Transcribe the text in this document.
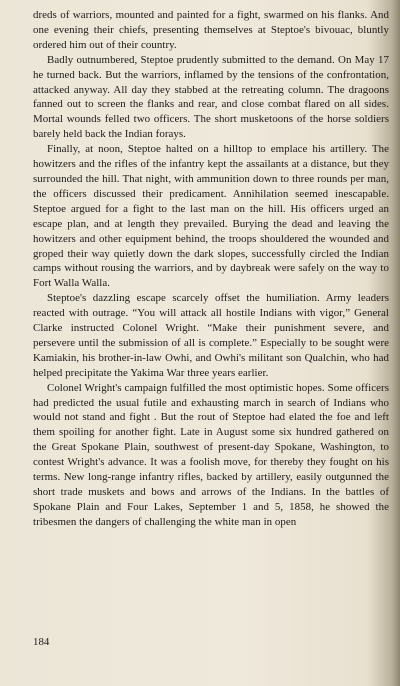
dreds of warriors, mounted and painted for a fight, swarmed on his flanks. And one evening their chiefs, presenting themselves at Steptoe's bivouac, bluntly ordered him out of their country.

Badly outnumbered, Steptoe prudently submitted to the demand. On May 17 he turned back. But the warriors, inflamed by the tensions of the confrontation, attacked anyway. All day they stabbed at the retreating column. The dragoons fanned out to screen the flanks and rear, and close combat flared on all sides. Mortal wounds felled two officers. The short musketoons of the horse soldiers barely held back the Indian forays.

Finally, at noon, Steptoe halted on a hilltop to emplace his artillery. The howitzers and the rifles of the infantry kept the assailants at a distance, but they surrounded the hill. That night, with ammunition down to three rounds per man, the officers discussed their predicament. Annihilation seemed inescapable. Steptoe argued for a fight to the last man on the hill. His officers urged an escape plan, and at length they prevailed. Burying the dead and leaving the howitzers and other equipment behind, the troops shouldered the wounded and groped their way quietly down the dark slopes, successfully circled the Indian camps without rousing the warriors, and by daybreak were safely on the way to Fort Walla Walla.

Steptoe's dazzling escape scarcely offset the humiliation. Army leaders reacted with outrage. “You will attack all hostile Indians with vigor,” General Clarke instructed Colonel Wright. “Make their punishment severe, and persevere until the submission of all is complete.” Especially to be sought were Kamiakin, his brother-in-law Owhi, and Owhi's militant son Qualchin, who had helped precipitate the Yakima War three years earlier.

Colonel Wright's campaign fulfilled the most optimistic hopes. Some officers had predicted the usual futile and exhausting march in search of Indians who would not stand and fight . But the rout of Steptoe had elated the foe and left them spoiling for another fight. Late in August some six hundred gathered on the Great Spokane Plain, southwest of present-day Spokane, Washington, to contest Wright's advance. It was a foolish move, for thereby they fought on his terms. New long-range infantry rifles, backed by artillery, easily outgunned the short trade muskets and bows and arrows of the Indians. In the battles of Spokane Plain and Four Lakes, September 1 and 5, 1858, he showed the tribesmen the dangers of challenging the white man in open

184
